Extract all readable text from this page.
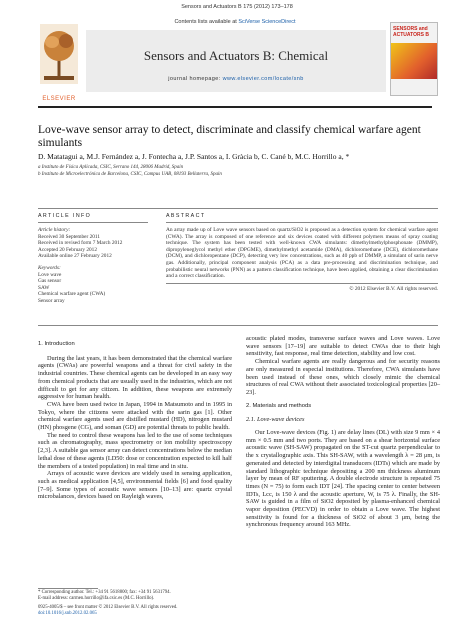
Sensors and Actuators B 175 (2012) 173–178
Contents lists available at SciVerse ScienceDirect
ELSEVIER
Sensors and Actuators B: Chemical
journal homepage: www.elsevier.com/locate/snb
SENSORS and ACTUATORS B
Love-wave sensor array to detect, discriminate and classify chemical warfare agent simulants
D. Matatagui a, M.J. Fernández a, J. Fontecha a, J.P. Santos a, I. Gràcia b, C. Cané b, M.C. Horrillo a, *
a Instituto de Física Aplicada, CSIC, Serrano 144, 28006 Madrid, Spain
b Instituto de Microelectrónica de Barcelona, CSIC, Campus UAB, 08193 Bellaterra, Spain
ARTICLE INFO
Article history:
Received 30 September 2011
Received in revised form 7 March 2012
Accepted 20 February 2012
Available online 27 February 2012
Keywords:
Love wave
Gas sensor
SAW
Chemical warfare agent (CWA)
Sensor array
ABSTRACT
An array made up of Love wave sensors based on quartz/SiO2 is proposed as a detection system for chemical warfare agent (CWA). The array is composed of one reference and six devices coated with different polymers means of spray coating technique. The system has been tested with well-known CWA simulants: dimethylmethylphosphonate (DMMP), dipropyleneglycol methyl ether (DPGME), dimethylmethyl acetamide (DMA), dichloromethane (DCE), dichloromethane (DCM), and dichloropentane (DCP), detecting very low concentrations, such as 40 ppb of DMMP, a simulant of sarin nerve gas. Additionally, principal component analysis (PCA) as a data pre-processing and discrimination technique, and probabilistic neural networks (PNN) as a pattern classification technique, have been applied, obtaining a clear discrimination and a correct classification.
© 2012 Elsevier B.V. All rights reserved.
1. Introduction

During the last years, it has been demonstrated that the chemical warfare agents (CWAs) are powerful weapons and a threat for civil safety in the industrial countries. These chemical agents can be developed in an easy way from chemical products that are usually used in the industries, which are not difficult to get for any citizen. In addition, these weapons are extremely aggressive for human health.

CWA have been used twice in Japan, 1994 in Matsumoto and in 1995 in Tokyo, where the citizens were attacked with the sarin gas [1]. Other chemical warfare agents used are distilled mustard (HD), nitrogen mustard (HN) phosgene (CG), and soman (GD) are potential threats to public health.

The need to control these weapons has led to the use of some techniques such as chromatography, mass spectrometry or ion mobility spectroscopy [2,3]. A suitable gas sensor array can detect concentrations below the median lethal dose of these agents (LD50: dose or concentration expected to kill half the members of a tested population) in real time and in situ.

Arrays of acoustic wave devices are widely used in sensing application, such as medical application [4,5], environmental fields [6] and food quality [7–9]. Some types of acoustic wave sensors [10–13] are: quartz crystal microbalances, devices based on Rayleigh waves,

acoustic plated modes, transverse surface waves and Love waves. Love wave sensors [17–19] are suitable to detect CWAs due to their high sensitivity, fast response, real time detection, stability and low cost.

Chemical warfare agents are really dangerous and for security reasons are only measured in especial institutions. Therefore, CWA simulants have been used instead of these ones, which closely mimic the chemical structures of real CWA without their associated toxicological properties [20–23].

2. Materials and methods
2.1. Love-wave devices

Our Love-wave devices (Fig. 1) are delay lines (DL) with size 9 mm × 4 mm × 0.5 mm and two ports. They are based on a shear horizontal surface acoustic wave (SH-SAW) propagated on the ST-cut quartz perpendicular to the x crystallographic axis. This SH-SAW, with a wavelength λ = 28 μm, is generated and detected by interdigital transducers (IDTs) which are made by standard lithographic technique depositing a 200 nm thickness aluminum layer by mean of RF sputtering. A double electrode structure is repeated 75 times (N = 75) to form each IDT [24]. The spacing center to center between IDTs, Lcc, is 150 λ and the acoustic aperture, W, is 75 λ. Finally, the SH-SAW is guided in a film of SiO2 deposited by plasma-enhanced chemical vapor deposition (PECVD) in order to obtain a Love wave. The highest sensitivity is found for a thickness of SiO2 of about 3 μm, being the synchronous frequency around 163 MHz.

* Corresponding author. Tel.: +34 91 5618800; fax: +34 91 5631794.
E-mail address: carmen.horrillo@ifa.csic.es (M.C. Horrillo).
0925-4005/$ – see front matter © 2012 Elsevier B.V. All rights reserved.
doi:10.1016/j.snb.2012.02.065
